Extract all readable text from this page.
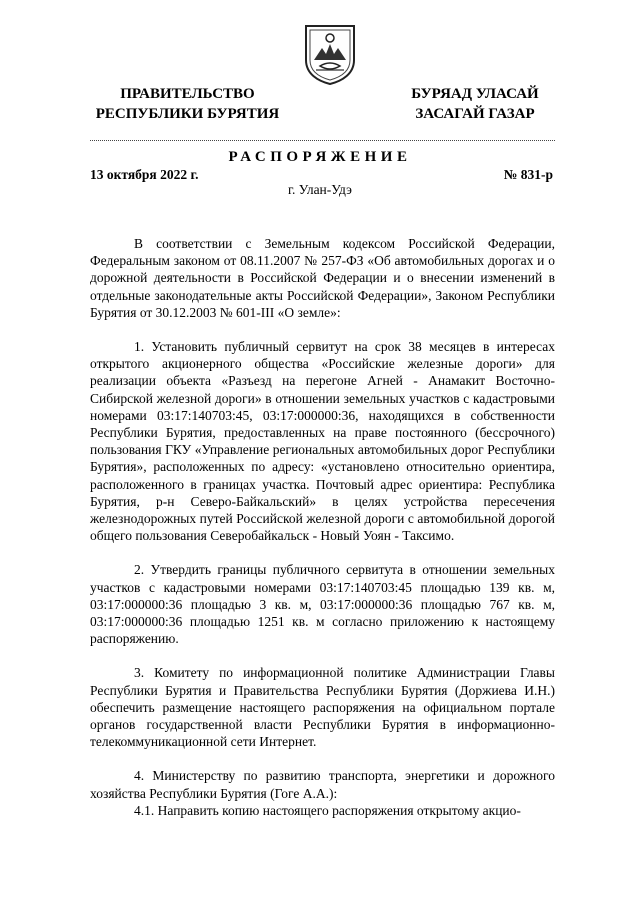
ПРАВИТЕЛЬСТВО
РЕСПУБЛИКИ БУРЯТИЯ
БУРЯАД УЛАСАЙ
ЗАСАГАЙ ГАЗАР
РАСПОРЯЖЕНИЕ
13 октября 2022 г.	№ 831-р
г. Улан-Удэ

В соответствии с Земельным кодексом Российской Федерации, Федеральным законом от 08.11.2007 № 257-ФЗ «Об автомобильных дорогах и о дорожной деятельности в Российской Федерации и о внесении изменений в отдельные законодательные акты Российской Федерации», Законом Республики Бурятия от 30.12.2003 № 601-III «О земле»:

1. Установить публичный сервитут на срок 38 месяцев в интересах открытого акционерного общества «Российские железные дороги» для реализации объекта «Разъезд на перегоне Агней - Анамакит Восточно-Сибирской железной дороги» в отношении земельных участков с кадастровыми номерами 03:17:140703:45, 03:17:000000:36, находящихся в собственности Республики Бурятия, предоставленных на праве постоянного (бессрочного) пользования ГКУ «Управление региональных автомобильных дорог Республики Бурятия», расположенных по адресу: «установлено относительно ориентира, расположенного в границах участка. Почтовый адрес ориентира: Республика Бурятия, р-н Северо-Байкальский» в целях устройства пересечения железнодорожных путей Российской железной дороги с автомобильной дорогой общего пользования Северобайкальск - Новый Уоян - Таксимо.

2. Утвердить границы публичного сервитута в отношении земельных участков с кадастровыми номерами 03:17:140703:45 площадью 139 кв. м, 03:17:000000:36 площадью 3 кв. м, 03:17:000000:36 площадью 767 кв. м, 03:17:000000:36 площадью 1251 кв. м согласно приложению к настоящему распоряжению.

3. Комитету по информационной политике Администрации Главы Республики Бурятия и Правительства Республики Бурятия (Доржиева И.Н.) обеспечить размещение настоящего распоряжения на официальном портале органов государственной власти Республики Бурятия в информационно-телекоммуникационной сети Интернет.

4. Министерству по развитию транспорта, энергетики и дорожного хозяйства Республики Бурятия (Гоге А.А.):

4.1. Направить копию настоящего распоряжения открытому акцио-
